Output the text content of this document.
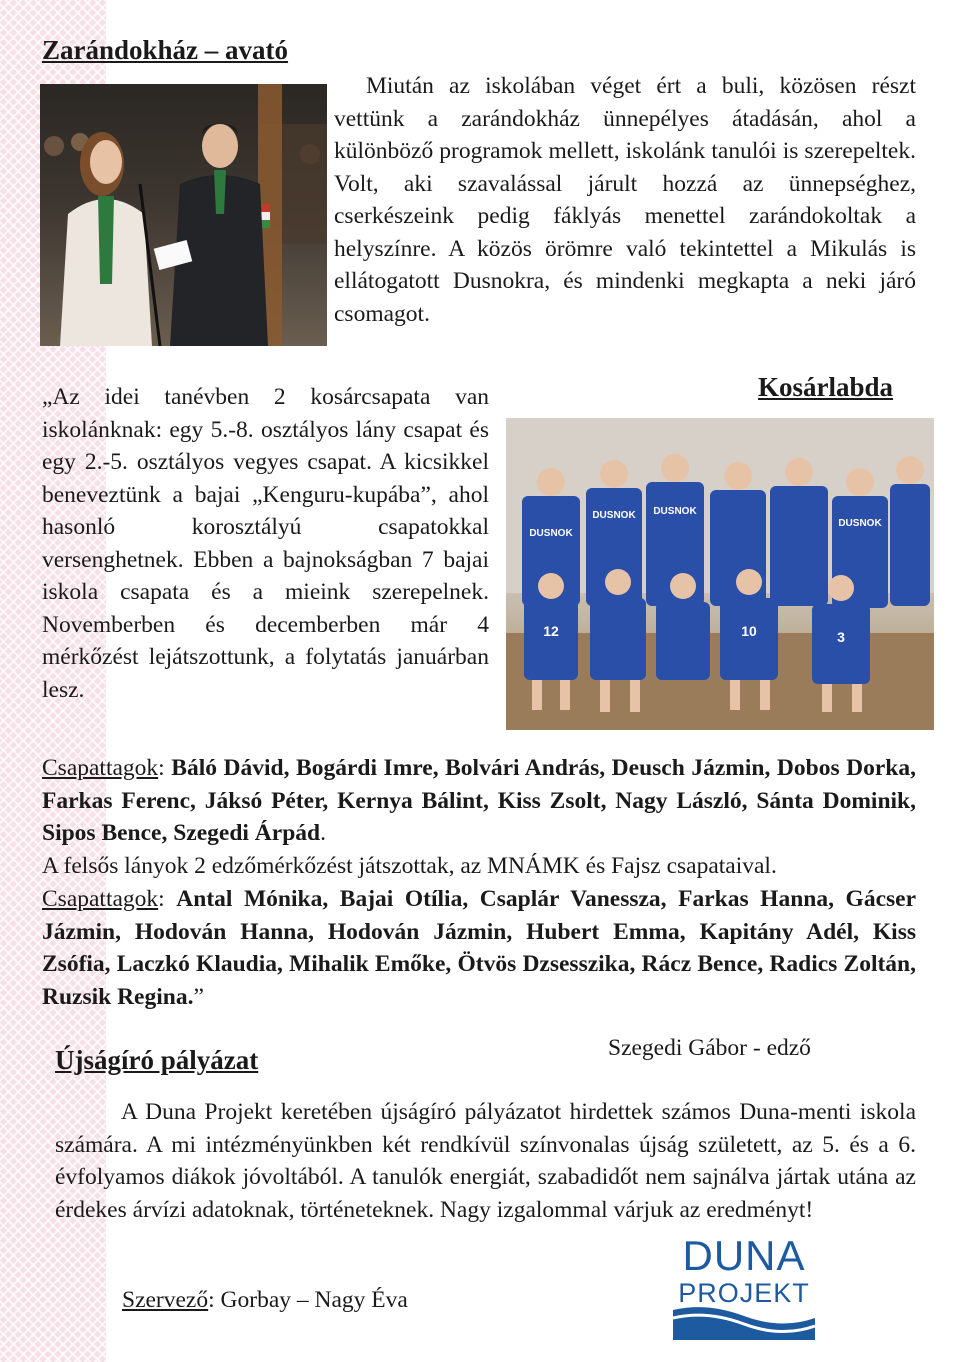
Zarándokház – avató
Miután az iskolában véget ért a buli, közösen részt vettünk a zarándokház ünnepélyes átadásán, ahol a különböző programok mellett, iskolánk tanulói is szerepeltek. Volt, aki szavalással járult hozzá az ünnepséghez, cserkészeink pedig fáklyás menettel zarándokoltak a helyszínre. A közös örömre való tekintettel a Mikulás is ellátogatott Dusnokra, és mindenki megkapta a neki járó csomagot.
Kosárlabda
„Az idei tanévben 2 kosárcsapata van iskolánknak: egy 5.-8. osztályos lány csapat és egy 2.-5. osztályos vegyes csapat. A kicsikkel beneveztünk a bajai „Kenguru-kupába”, ahol hasonló korosztályú csapatokkal versenghetnek. Ebben a bajnokságban 7 bajai iskola csapata és a mieink szerepelnek. Novemberben és decemberben már 4 mérkőzést lejátszottunk, a folytatás januárban lesz.
DUSNOK DUSNOK
DUSNOK
DUSNOK
12	10	3
Csapattagok: Báló Dávid, Bogárdi Imre, Bolvári András, Deusch Jázmin, Dobos Dorka, Farkas Ferenc, Jáksó Péter, Kernya Bálint, Kiss Zsolt, Nagy László, Sánta Dominik, Sipos Bence, Szegedi Árpád.
A felsős lányok 2 edzőmérkőzést játszottak, az MNÁMK és Fajsz csapataival.
Csapattagok: Antal Mónika, Bajai Otília, Csaplár Vanessza, Farkas Hanna, Gácser Jázmin, Hodován Hanna, Hodován Jázmin, Hubert Emma, Kapitány Adél, Kiss Zsófia, Laczkó Klaudia, Mihalik Emőke, Ötvös Dzsesszika, Rácz Bence, Radics Zoltán, Ruzsik Regina.”
Szegedi Gábor - edző
Újságíró pályázat
A Duna Projekt keretében újságíró pályázatot hirdettek számos Duna-menti iskola számára. A mi intézményünkben két rendkívül színvonalas újság született, az 5. és a 6. évfolyamos diákok jóvoltából. A tanulók energiát, szabadidőt nem sajnálva jártak utána az érdekes árvízi adatoknak, történeteknek. Nagy izgalommal várjuk az eredményt!
Szervező: Gorbay – Nagy Éva
DUNA
PROJEKT
